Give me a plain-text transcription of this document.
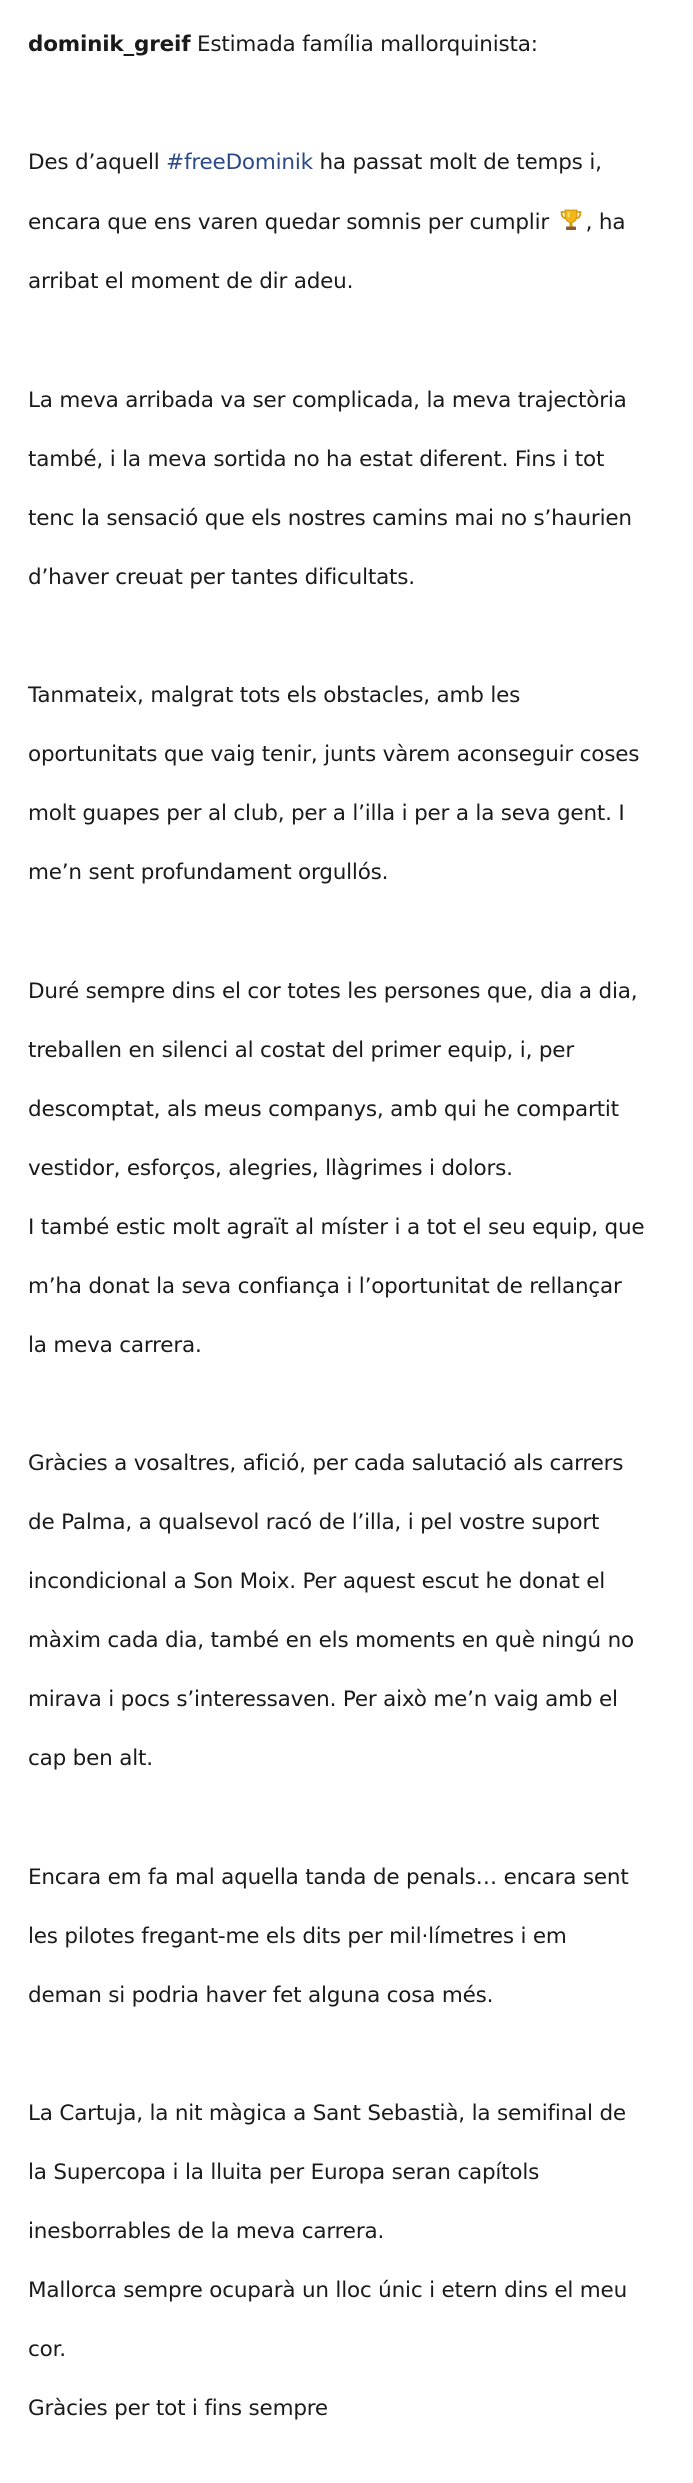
dominik_greif Estimada família mallorquinista:

Des d’aquell #freeDominik ha passat molt de temps i,

encara que ens varen quedar somnis per cumplir , ha

arribat el moment de dir adeu.

La meva arribada va ser complicada, la meva trajectòria

també, i la meva sortida no ha estat diferent. Fins i tot

tenc la sensació que els nostres camins mai no s’haurien

d’haver creuat per tantes dificultats.

Tanmateix, malgrat tots els obstacles, amb les

oportunitats que vaig tenir, junts vàrem aconseguir coses

molt guapes per al club, per a l’illa i per a la seva gent. I

me’n sent profundament orgullós.

Duré sempre dins el cor totes les persones que, dia a dia,

treballen en silenci al costat del primer equip, i, per

descomptat, als meus companys, amb qui he compartit

vestidor, esforços, alegries, llàgrimes i dolors.

I també estic molt agraït al míster i a tot el seu equip, que

m’ha donat la seva confiança i l’oportunitat de rellançar

la meva carrera.

Gràcies a vosaltres, afició, per cada salutació als carrers

de Palma, a qualsevol racó de l’illa, i pel vostre suport

incondicional a Son Moix. Per aquest escut he donat el

màxim cada dia, també en els moments en què ningú no

mirava i pocs s’interessaven. Per això me’n vaig amb el

cap ben alt.

Encara em fa mal aquella tanda de penals… encara sent

les pilotes fregant-me els dits per mil·límetres i em

deman si podria haver fet alguna cosa més.

La Cartuja, la nit màgica a Sant Sebastià, la semifinal de

la Supercopa i la lluita per Europa seran capítols

inesborrables de la meva carrera.

Mallorca sempre ocuparà un lloc únic i etern dins el meu

cor.

Gràcies per tot i fins sempre
